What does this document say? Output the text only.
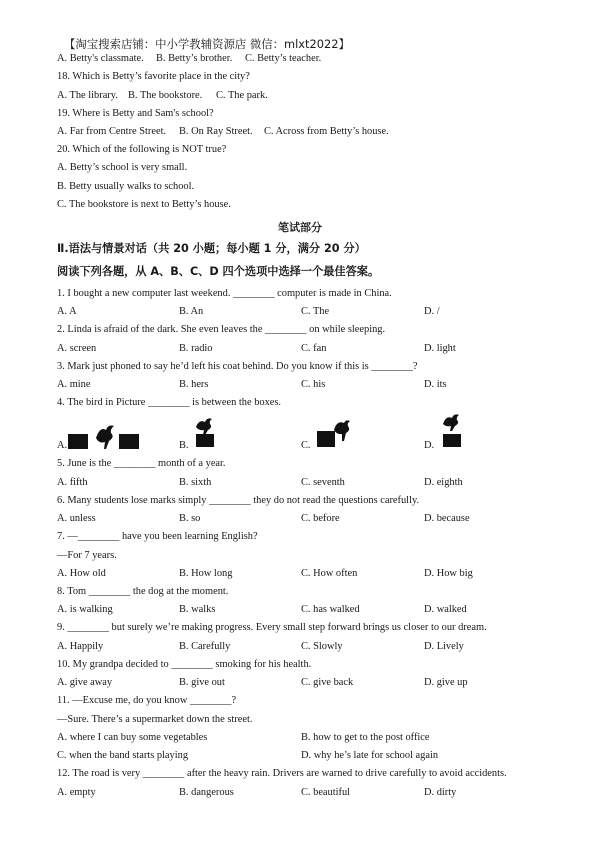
【淘宝搜索店铺：中小学教辅资源店 微信：mlxt2022】
A. Betty's classmate. B. Betty’s brother. C. Betty’s teacher.
18. Which is Betty’s favorite place in the city?
A. The library. B. The bookstore. C. The park.
19. Where is Betty and Sam's school?
A. Far from Centre Street. B. On Ray Street. C. Across from Betty’s house.
20. Which of the following is NOT true?
A. Betty’s school is very small.
B. Betty usually walks to school.
C. The bookstore is next to Betty’s house.
笔试部分
Ⅱ.语法与情景对话（共 20 小题；每小题 1 分，满分 20 分）
阅读下列各题，从 A、B、C、D 四个选项中选择一个最佳答案。
1. I bought a new computer last weekend. ________ computer is made in China.
A. A	B. An	C. The	D. /
2. Linda is afraid of the dark. She even leaves the ________ on while sleeping.
A. screen	B. radio	C. fan	D. light
3. Mark just phoned to say he’d left his coat behind. Do you know if this is ________?
A. mine	B. hers	C. his	D. its
4. The bird in Picture ________ is between the boxes.
A.	B.	C.	D.
5. June is the ________ month of a year.
A. fifth	B. sixth	C. seventh	D. eighth
6. Many students lose marks simply ________ they do not read the questions carefully.
A. unless	B. so	C. before	D. because
7. —________ have you been learning English?
—For 7 years.
A. How old	B. How long	C. How often	D. How big
8. Tom ________ the dog at the moment.
A. is walking	B. walks	C. has walked	D. walked
9. ________ but surely we’re making progress. Every small step forward brings us closer to our dream.
A. Happily	B. Carefully	C. Slowly	D. Lively
10. My grandpa decided to ________ smoking for his health.
A. give away	B. give out	C. give back	D. give up
11. —Excuse me, do you know ________?
—Sure. There’s a supermarket down the street.
A. where I can buy some vegetables	B. how to get to the post office
C. when the band starts playing	D. why he’s late for school again
12. The road is very ________ after the heavy rain. Drivers are warned to drive carefully to avoid accidents.
A. empty	B. dangerous	C. beautiful	D. dirty
